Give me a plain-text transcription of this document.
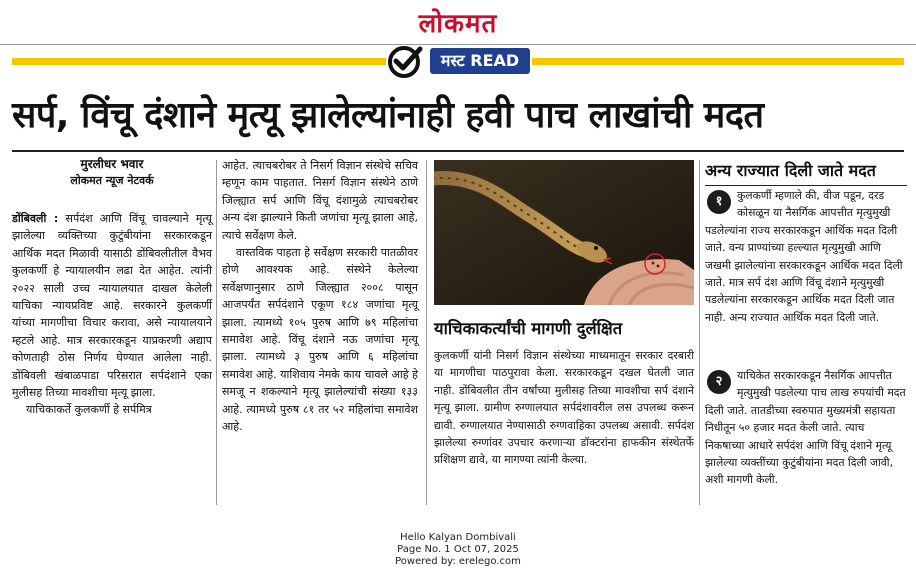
लोकमत
मस्ट READ
सर्प, विंचू दंशाने मृत्यू झालेल्यांनाही हवी पाच लाखांची मदत
मुरलीधर भवार
लोकमत न्यूज नेटवर्क

डोंबिवली : सर्पदंश आणि विंचू चावल्याने मृत्यू झालेल्या व्यक्तिच्या कुटुंबीयांना सरकारकडून आर्थिक मदत मिळावी यासाठी डोंबिवलीतील वैभव कुलकर्णी हे न्यायालयीन लढा देत आहेत. त्यांनी २०२२ साली उच्च न्यायालयात दाखल केलेली याचिका न्यायप्रविष्ट आहे. सरकारने कुलकर्णी यांच्या मागणीचा विचार करावा, असे न्यायालयाने म्हटले आहे. मात्र सरकारकडून याप्रकरणी अद्याप कोणताही ठोस निर्णय घेण्यात आलेला नाही. डोंबिवली खंबाळपाडा परिसरात सर्पदंशाने एका मुलीसह तिच्या मावशीचा मृत्यू झाला.

याचिकाकर्ते कुलकर्णी हे सर्पमित्र

आहेत. त्याचबरोबर ते निसर्ग विज्ञान संस्थेचे सचिव म्हणून काम पाहतात. निसर्ग विज्ञान संस्थेने ठाणे जिल्ह्यात सर्प आणि विंचू दंशामुळे त्याचबरोबर अन्य दंश झाल्याने किती जणांचा मृत्यू झाला आहे, त्याचे सर्वेक्षण केले.

वास्तविक पाहता हे सर्वेक्षण सरकारी पातळीवर होणे आवश्यक आहे. संस्थेने केलेल्या सर्वेक्षणानुसार ठाणे जिल्ह्यात २००८ पासून आजपर्यंत सर्पदंशाने एकूण १८४ जणांचा मृत्यू झाला. त्यामध्ये १०५ पुरुष आणि ७९ महिलांचा समावेश आहे. विंचू दंशाने नऊ जणांचा मृत्यू झाला. त्यामध्ये ३ पुरुष आणि ६ महिलांचा समावेश आहे. याशिवाय नेमके काय चावले आहे हे समजू न शकल्याने मृत्यू झालेल्यांची संख्या १३३ आहे. त्यामध्ये पुरुष ८१ तर ५२ महिलांचा समावेश आहे.

याचिकाकर्त्यांची मागणी दुर्लक्षित

कुलकर्णी यांनी निसर्ग विज्ञान संस्थेच्या माध्यमातून सरकार दरबारी या मागणीचा पाठपुरावा केला. सरकारकडून दखल घेतली जात नाही. डोंबिवलीत तीन वर्षांच्या मुलीसह तिच्या मावशीचा सर्प दंशाने मृत्यू झाला. ग्रामीण रुग्णालयात सर्पदंशावरील लस उपलब्ध करून द्यावी. रुग्णालयात नेण्यासाठी रुग्णवाहिका उपलब्ध असावी. सर्पदंश झालेल्या रुग्णांवर उपचार करणाऱ्या डॉक्टरांना हाफकीन संस्थेतर्फे प्रशिक्षण द्यावे, या मागण्या त्यांनी केल्या.

अन्य राज्यात दिली जाते मदत
१	कुलकर्णी म्हणाले की, वीज पडून, दरड कोसळून या नैसर्गिक आपत्तीत मृत्युमुखी पडलेल्यांना राज्य सरकारकडून आर्थिक मदत दिली जाते. वन्य प्राण्यांच्या हल्ल्यात मृत्युमुखी आणि जखमी झालेल्यांना सरकारकडून आर्थिक मदत दिली जाते. मात्र सर्प दंश आणि विंचू दंशाने मृत्युमुखी पडलेल्यांना सरकारकडून आर्थिक मदत दिली जात नाही. अन्य राज्यात आर्थिक मदत दिली जाते.
२	याचिकेत सरकारकडून नैसर्गिक आपत्तीत मृत्युमुखी पडलेल्या पाच लाख रुपयांची मदत दिली जाते. तातडीच्या स्वरुपात मुख्यमंत्री सहायता निधीतून ५० हजार मदत केली जाते. त्याच निकषाच्या आधारे सर्पदंश आणि विंचू दंशाने मृत्यू झालेल्या व्यक्तींच्या कुटुंबीयांना मदत दिली जावी, अशी मागणी केली.
Hello Kalyan Dombivali
Page No. 1 Oct 07, 2025
Powered by: erelego.com
